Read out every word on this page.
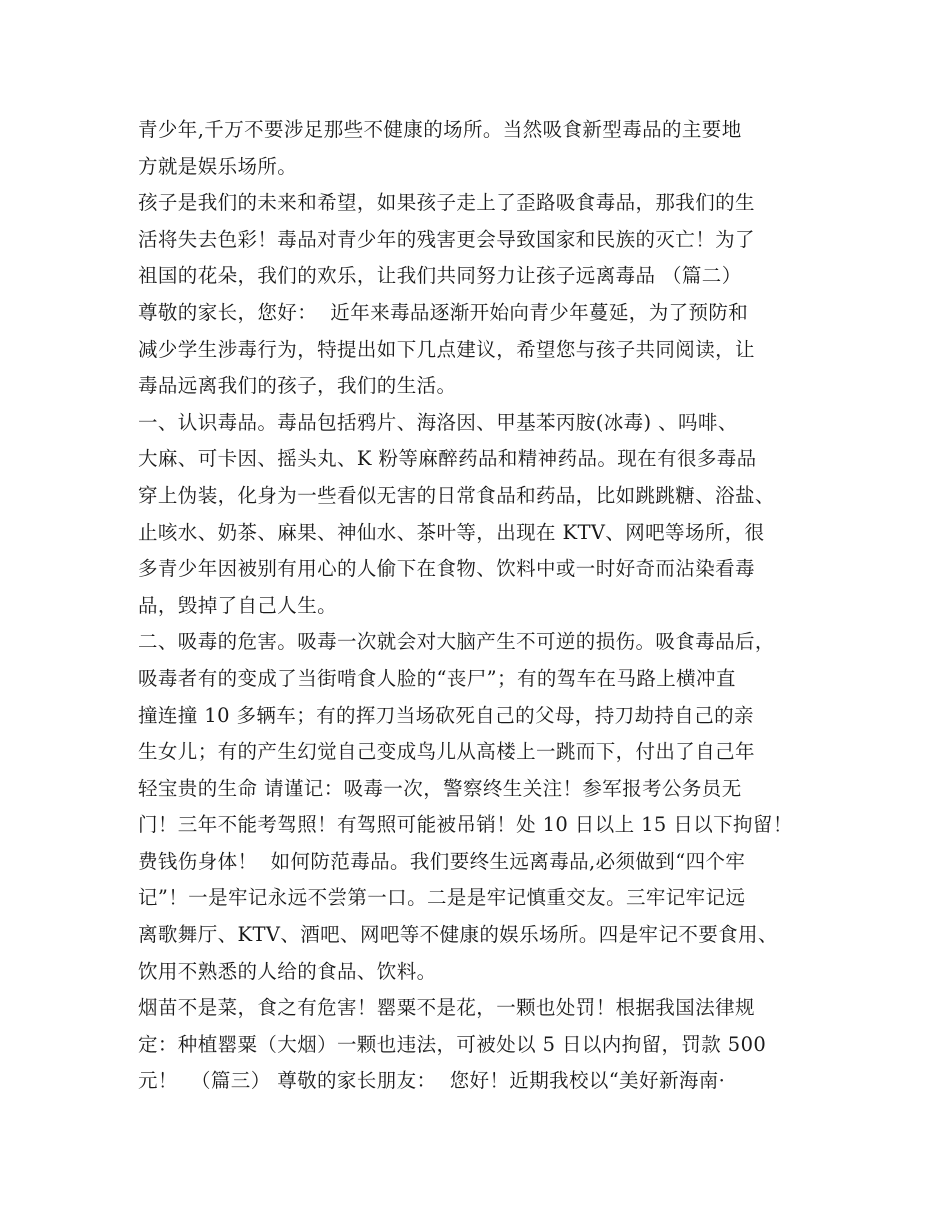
青少年,千万不要涉足那些不健康的场所。当然吸食新型毒品的主要地
方就是娱乐场所。
孩子是我们的未来和希望，如果孩子走上了歪路吸食毒品，那我们的生
活将失去色彩！毒品对青少年的残害更会导致国家和民族的灭亡！为了
祖国的花朵，我们的欢乐，让我们共同努力让孩子远离毒品 （篇二）
尊敬的家长，您好：  近年来毒品逐渐开始向青少年蔓延，为了预防和
减少学生涉毒行为，特提出如下几点建议，希望您与孩子共同阅读，让
毒品远离我们的孩子，我们的生活。
一、认识毒品。毒品包括鸦片、海洛因、甲基苯丙胺(冰毒) 、吗啡、
大麻、可卡因、摇头丸、K 粉等麻醉药品和精神药品。现在有很多毒品
穿上伪装，化身为一些看似无害的日常食品和药品，比如跳跳糖、浴盐、
止咳水、奶茶、麻果、神仙水、茶叶等，出现在 KTV、网吧等场所，很
多青少年因被别有用心的人偷下在食物、饮料中或一时好奇而沾染看毒
品，毁掉了自己人生。
二、吸毒的危害。吸毒一次就会对大脑产生不可逆的损伤。吸食毒品后，
吸毒者有的变成了当街啃食人脸的“丧尸”；有的驾车在马路上横冲直
撞连撞 10 多辆车；有的挥刀当场砍死自己的父母，持刀劫持自己的亲
生女儿；有的产生幻觉自己变成鸟儿从高楼上一跳而下，付出了自己年
轻宝贵的生命 请谨记：吸毒一次，警察终生关注！参军报考公务员无
门！三年不能考驾照！有驾照可能被吊销！处 10 日以上 15 日以下拘留！
费钱伤身体！  如何防范毒品。我们要终生远离毒品,必须做到“四个牢
记”！一是牢记永远不尝第一口。二是是牢记慎重交友。三牢记牢记远
离歌舞厅、KTV、酒吧、网吧等不健康的娱乐场所。四是牢记不要食用、
饮用不熟悉的人给的食品、饮料。
烟苗不是菜，食之有危害！罂粟不是花，一颗也处罚！根据我国法律规
定：种植罂粟（大烟）一颗也违法，可被处以 5 日以内拘留，罚款 500
元！  （篇三） 尊敬的家长朋友：  您好！近期我校以“美好新海南·
